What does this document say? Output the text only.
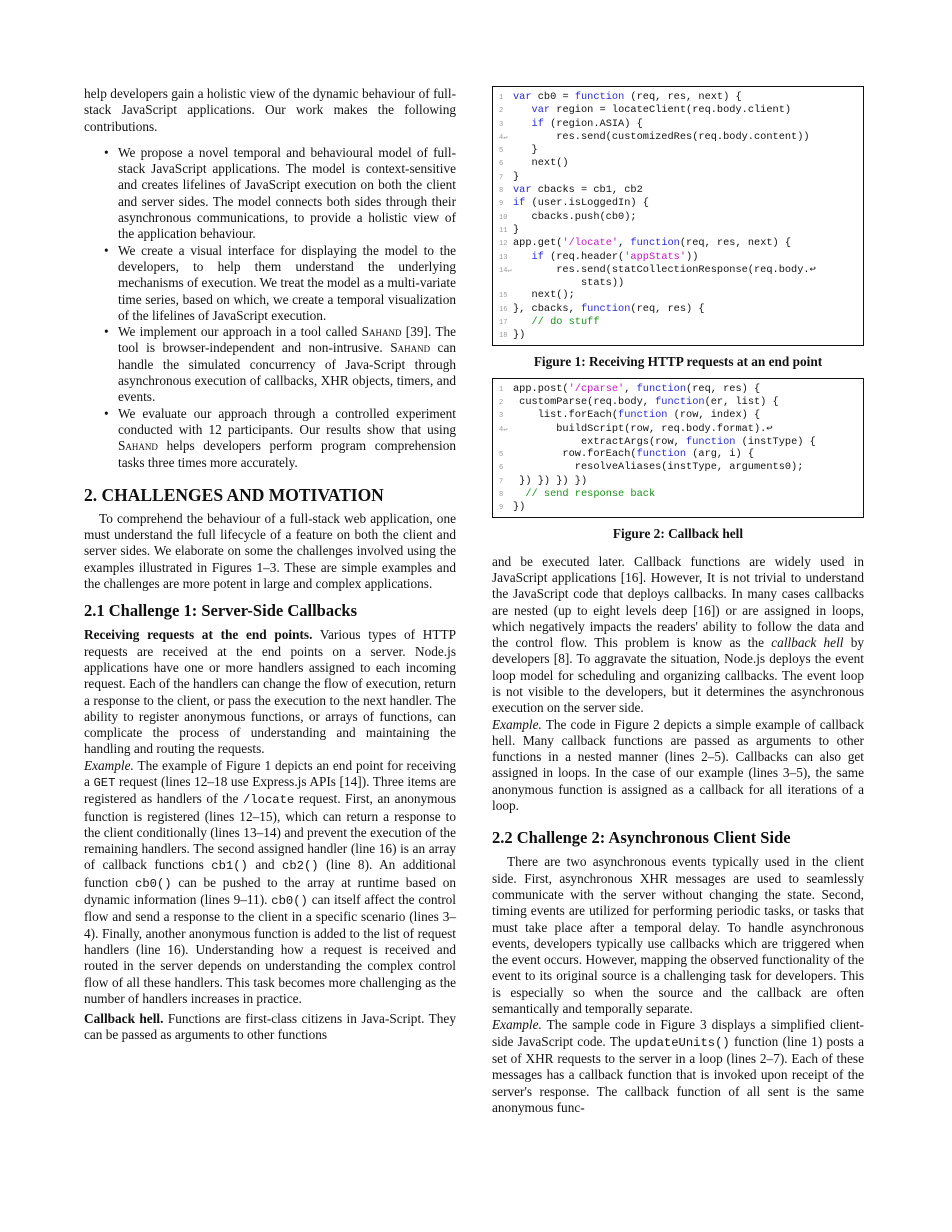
help developers gain a holistic view of the dynamic behaviour of full-stack JavaScript applications. Our work makes the following contributions.

• We propose a novel temporal and behavioural model of full-stack JavaScript applications. The model is context-sensitive and creates lifelines of JavaScript execution on both the client and server sides. The model connects both sides through their asynchronous communications, to provide a holistic view of the application behaviour.
• We create a visual interface for displaying the model to the developers, to help them understand the underlying mechanisms of execution. We treat the model as a multi-variate time series, based on which, we create a temporal visualization of the lifelines of JavaScript execution.
• We implement our approach in a tool called Sahand [39]. The tool is browser-independent and non-intrusive. Sahand can handle the simulated concurrency of Java-Script through asynchronous execution of callbacks, XHR objects, timers, and events.
• We evaluate our approach through a controlled experiment conducted with 12 participants. Our results show that using Sahand helps developers perform program comprehension tasks three times more accurately.
2. CHALLENGES AND MOTIVATION

To comprehend the behaviour of a full-stack web application, one must understand the full lifecycle of a feature on both the client and server sides. We elaborate on some the challenges involved using the examples illustrated in Figures 1–3. These are simple examples and the challenges are more potent in large and complex applications.

2.1 Challenge 1: Server-Side Callbacks

Receiving requests at the end points. Various types of HTTP requests are received at the end points on a server. Node.js applications have one or more handlers assigned to each incoming request. Each of the handlers can change the flow of execution, return a response to the client, or pass the execution to the next handler. The ability to register anonymous functions, or arrays of functions, can complicate the process of understanding and maintaining the handling and routing the requests.

Example. The example of Figure 1 depicts an end point for receiving a GET request (lines 12–18 use Express.js APIs [14]). Three items are registered as handlers of the /locate request. First, an anonymous function is registered (lines 12–15), which can return a response to the client conditionally (lines 13–14) and prevent the execution of the remaining handlers. The second assigned handler (line 16) is an array of callback functions cb1() and cb2() (line 8). An additional function cb0() can be pushed to the array at runtime based on dynamic information (lines 9–11). cb0() can itself affect the control flow and send a response to the client in a specific scenario (lines 3–4). Finally, another anonymous function is added to the list of request handlers (line 16). Understanding how a request is received and routed in the server depends on understanding the complex control flow of all these handlers. This task becomes more challenging as the number of handlers increases in practice.

Callback hell. Functions are first-class citizens in Java-Script. They can be passed as arguments to other functions

1 var cb0 = function (req, res, next) {
2	var region = locateClient(req.body.client)
3	if (region.ASIA) {
4↵       res.send(customizedRes(req.body.content))
5   }
6   next()
7 }
8 var cbacks = cb1, cb2
9 if (user.isLoggedIn) {
10   cbacks.push(cb0);
11 }
12 app.get('/locate', function(req, res, next) {
13 if (req.header('appStats'))
14↵       res.send(statCollectionResponse(req.body.↩
stats))
15   next();
16 }, cbacks, function(req, res) {
17 // do stuff
18 })
Figure 1: Receiving HTTP requests at an end point
1 app.post('/cparse', function(req, res) {
2 customParse(req.body, function(er, list) {
3    list.forEach(function (row, index) {
4↵       buildScript(row, req.body.format).↩
extractArgs(row, function (instType) {
5        row.forEach(function (arg, i) {
6          resolveAliases(instType, arguments0);
7 }) }) }) })
8 // send response back
9 })
Figure 2: Callback hell

and be executed later. Callback functions are widely used in JavaScript applications [16]. However, It is not trivial to understand the JavaScript code that deploys callbacks. In many cases callbacks are nested (up to eight levels deep [16]) or are assigned in loops, which negatively impacts the readers' ability to follow the data and the control flow. This problem is know as the callback hell by developers [8]. To aggravate the situation, Node.js deploys the event loop model for scheduling and organizing callbacks. The event loop is not visible to the developers, but it determines the asynchronous execution on the server side.

Example. The code in Figure 2 depicts a simple example of callback hell. Many callback functions are passed as arguments to other functions in a nested manner (lines 2–5). Callbacks can also get assigned in loops. In the case of our example (lines 3–5), the same anonymous function is assigned as a callback for all iterations of a loop.

2.2 Challenge 2: Asynchronous Client Side

There are two asynchronous events typically used in the client side. First, asynchronous XHR messages are used to seamlessly communicate with the server without changing the state. Second, timing events are utilized for performing periodic tasks, or tasks that must take place after a temporal delay. To handle asynchronous events, developers typically use callbacks which are triggered when the event occurs. However, mapping the observed functionality of the event to its original source is a challenging task for developers. This is especially so when the source and the callback are often semantically and temporally separate.

Example. The sample code in Figure 3 displays a simplified client-side JavaScript code. The updateUnits() function (line 1) posts a set of XHR requests to the server in a loop (lines 2–7). Each of these messages has a callback function that is invoked upon receipt of the server's response. The callback function of all sent is the same anonymous func-
